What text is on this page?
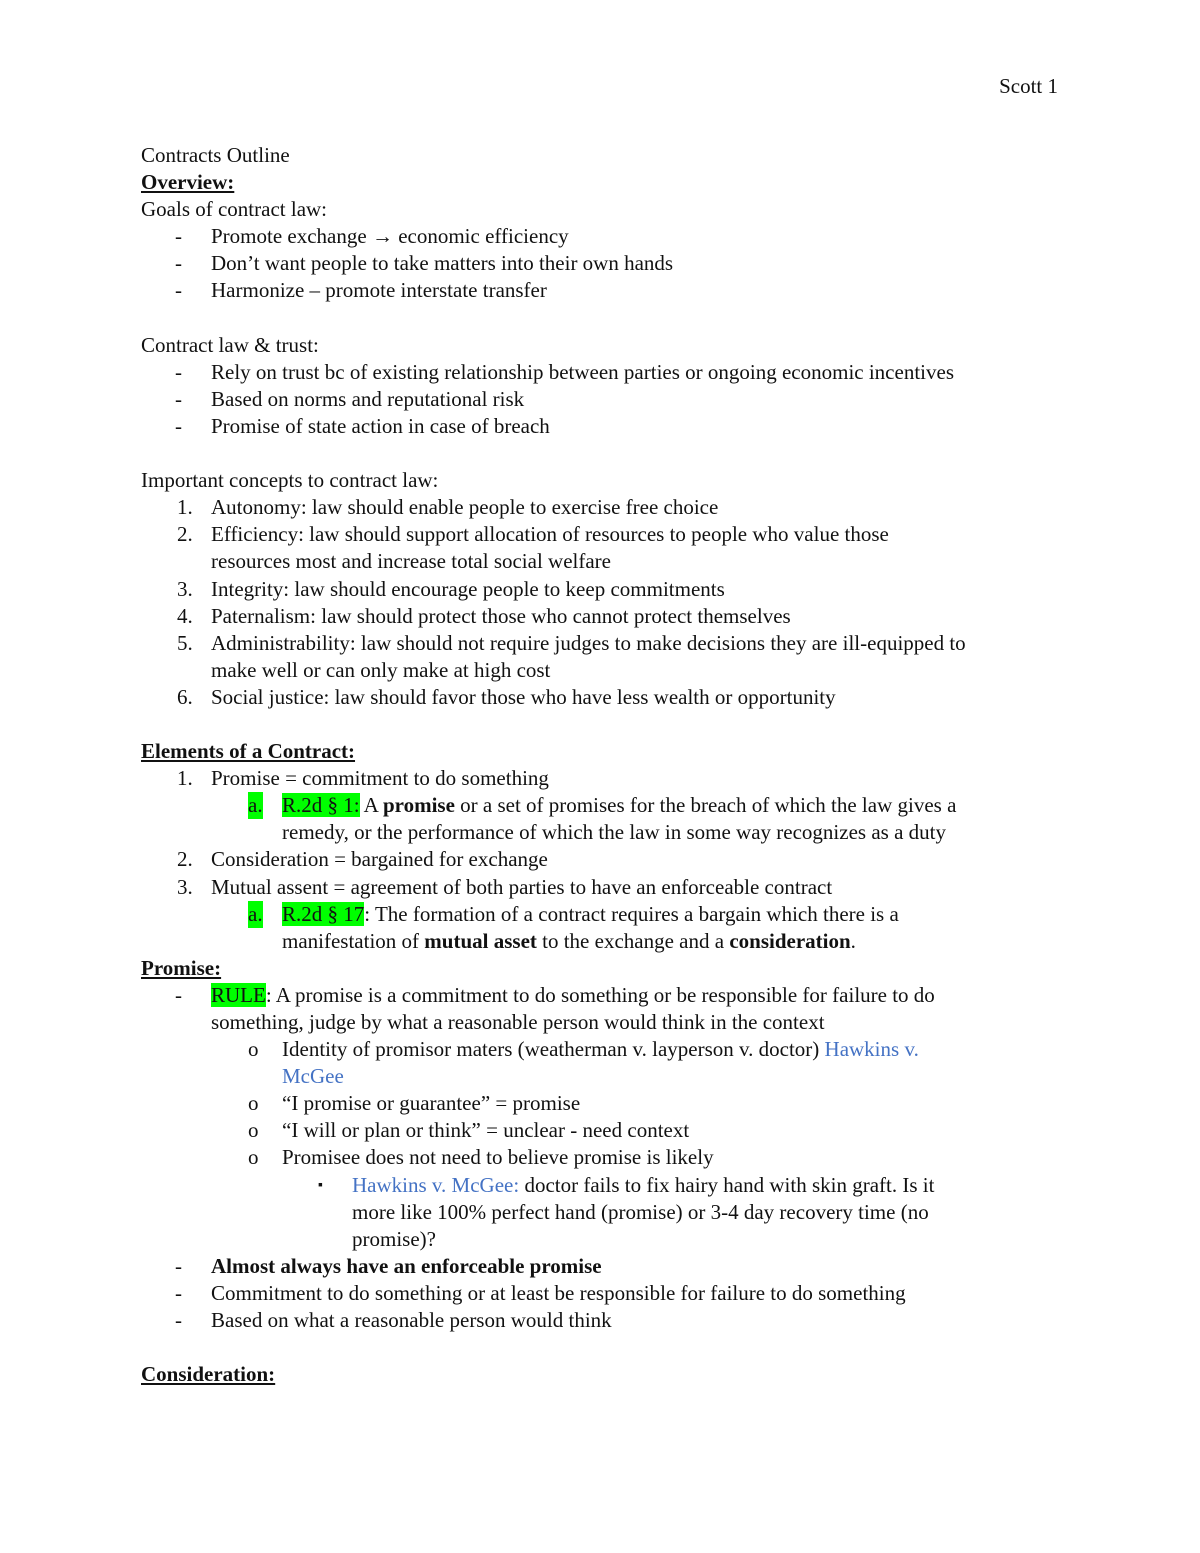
Scott 1
Contracts Outline
Overview:
Goals of contract law:
- Promote exchange → economic efficiency
- Don’t want people to take matters into their own hands
- Harmonize – promote interstate transfer
Contract law & trust:
- Rely on trust bc of existing relationship between parties or ongoing economic incentives
- Based on norms and reputational risk
- Promise of state action in case of breach
Important concepts to contract law:
1. Autonomy: law should enable people to exercise free choice
2. Efficiency: law should support allocation of resources to people who value those
resources most and increase total social welfare
3. Integrity: law should encourage people to keep commitments
4. Paternalism: law should protect those who cannot protect themselves
5. Administrability: law should not require judges to make decisions they are ill-equipped to
make well or can only make at high cost
6. Social justice: law should favor those who have less wealth or opportunity
Elements of a Contract:
1. Promise = commitment to do something
a. R.2d § 1: A promise or a set of promises for the breach of which the law gives a
remedy, or the performance of which the law in some way recognizes as a duty
2. Consideration = bargained for exchange
3. Mutual assent = agreement of both parties to have an enforceable contract
a. R.2d § 17: The formation of a contract requires a bargain which there is a
manifestation of mutual asset to the exchange and a consideration.
Promise:
- RULE: A promise is a commitment to do something or be responsible for failure to do
something, judge by what a reasonable person would think in the context
o Identity of promisor maters (weatherman v. layperson v. doctor) Hawkins v.
McGee
o “I promise or guarantee” = promise
o “I will or plan or think” = unclear - need context
o Promisee does not need to believe promise is likely
▪ Hawkins v. McGee: doctor fails to fix hairy hand with skin graft. Is it
more like 100% perfect hand (promise) or 3-4 day recovery time (no
promise)?
- Almost always have an enforceable promise
- Commitment to do something or at least be responsible for failure to do something
- Based on what a reasonable person would think
Consideration:
